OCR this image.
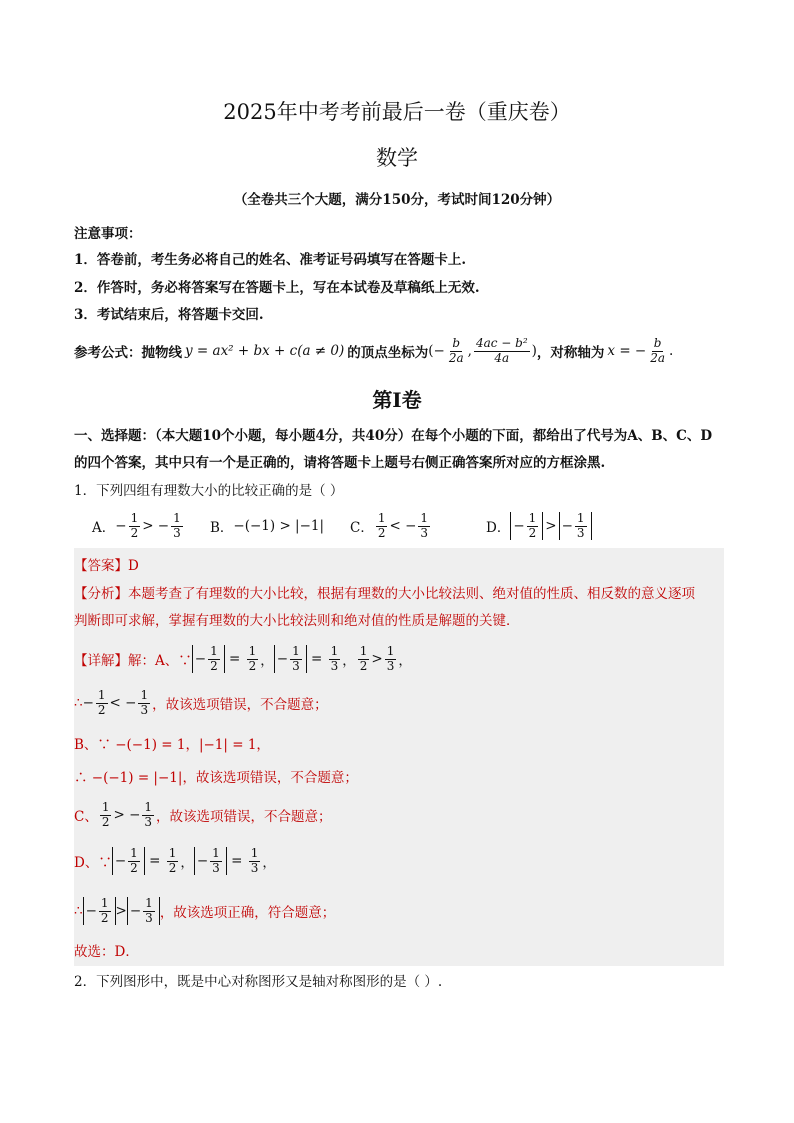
2025年中考考前最后一卷（重庆卷）
数学
（全卷共三个大题，满分150分，考试时间120分钟）
注意事项：
1．答卷前，考生务必将自己的姓名、准考证号码填写在答题卡上.
2．作答时，务必将答案写在答题卡上，写在本试卷及草稿纸上无效.
3．考试结束后，将答题卡交回.
参考公式： 抛物线 y = ax² + bx + c(a ≠ 0) 的顶点坐标为 (− $\frac{b}{2a}$ , $\frac{\text{4ac − b²}}{4a}$ ) ，对称轴为 x = − $\frac{b}{2a}$ .
第Ⅰ卷
一、选择题：（本大题10个小题，每小题4分，共40分）在每个小题的下面，都给出了代号为A、B、C、D
的四个答案，其中只有一个是正确的，请将答题卡上题号右侧正确答案所对应的方框涂黑.
1．下列四组有理数大小的比较正确的是（ ）
A． − $\frac{1}{2}$ > − $\frac{1}{3}$ B． −(−1) > |−1| C． $\frac{1}{2}$ < − $\frac{1}{3}$	D． − $\frac{1}{2}$ > − $\frac{1}{3}$
【答案】D
【分析】本题考查了有理数的大小比较，根据有理数的大小比较法则、绝对值的性质、相反数的意义逐项
判断即可求解，掌握有理数的大小比较法则和绝对值的性质是解题的关键．
【详解】 解：A、∵ − $\frac{1}{2} = \frac{1}{2}$ ， − $\frac{1}{3} = \frac{1}{3}$ ， $\frac{1}{2} > \frac{1}{3}$ ，
∴ − $\frac{1}{2}$ < − $\frac{1}{3}$ ，故该选项错误，不合题意；
B、∵ −(−1) = 1，|−1| = 1，
∴ −(−1) = |−1|，故该选项错误，不合题意；
C、 $\frac{1}{2}$ > − $\frac{1}{3}$ ，故该选项错误，不合题意；
D、∵ − $\frac{1}{2} = \frac{1}{2}$ ， − $\frac{1}{3} = \frac{1}{3}$ ，
∴ − $\frac{1}{2}$ > − $\frac{1}{3}$ ，故该选项正确，符合题意；
故选：D．
2．下列图形中，既是中心对称图形又是轴对称图形的是（ ）.
